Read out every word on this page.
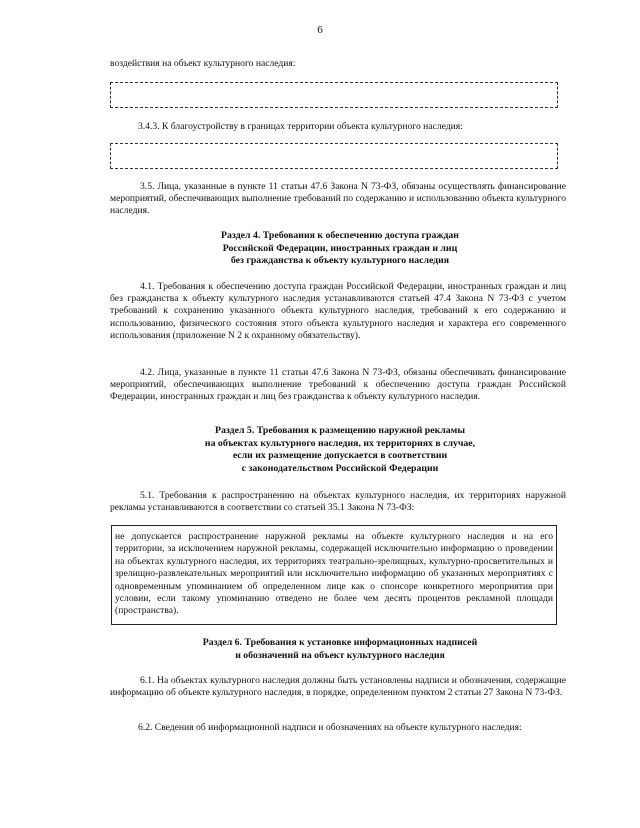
6

воздействия на объект культурного наследия:

3.4.3. К благоустройству в границах территории объекта культурного наследия:

3.5. Лица, указанные в пункте 11 статьи 47.6 Закона N 73-ФЗ, обязаны осуществлять финансирование мероприятий, обеспечивающих выполнение требований по содержанию и использованию объекта культурного наследия.

Раздел 4. Требования к обеспечению доступа граждан
Российской Федерации, иностранных граждан и лиц
без гражданства к объекту культурного наследия

4.1. Требования к обеспечению доступа граждан Российской Федерации, иностранных граждан и лиц без гражданства к объекту культурного наследия устанавливаются статьей 47.4 Закона N 73-ФЗ с учетом требований к сохранению указанного объекта культурного наследия, требований к его содержанию и использованию, физического состояния этого объекта культурного наследия и характера его современного использования (приложение N 2 к охранному обязательству).

4.2. Лица, указанные в пункте 11 статьи 47.6 Закона N 73-ФЗ, обязаны обеспечивать финансирование мероприятий, обеспечивающих выполнение требований к обеспечению доступа граждан Российской Федерации, иностранных граждан и лиц без гражданства к объекту культурного наследия.

Раздел 5. Требования к размещению наружной рекламы
на объектах культурного наследия, их территориях в случае,
если их размещение допускается в соответствии
с законодательством Российской Федерации

5.1. Требования к распространению на объектах культурного наследия, их территориях наружной рекламы устанавливаются в соответствии со статьей 35.1 Закона N 73-ФЗ:

не допускается распространение наружной рекламы на объекте культурного наследия и на его территории, за исключением наружной рекламы, содержащей исключительно информацию о проведении на объектах культурного наследия, их территориях театрально-зрелищных, культурно-просветительных и зрелищно-развлекательных мероприятий или исключительно информацию об указанных мероприятиях с одновременным упоминанием об определенном лице как о спонсоре конкретного мероприятия при условии, если такому упоминанию отведено не более чем десять процентов рекламной площади (пространства).
Раздел 6. Требования к установке информационных надписей
и обозначений на объект культурного наследия

6.1. На объектах культурного наследия должны быть установлены надписи и обозначения, содержащие информацию об объекте культурного наследия, в порядке, определенном пунктом 2 статьи 27 Закона N 73-ФЗ.

6.2. Сведения об информационной надписи и обозначениях на объекте культурного наследия:
